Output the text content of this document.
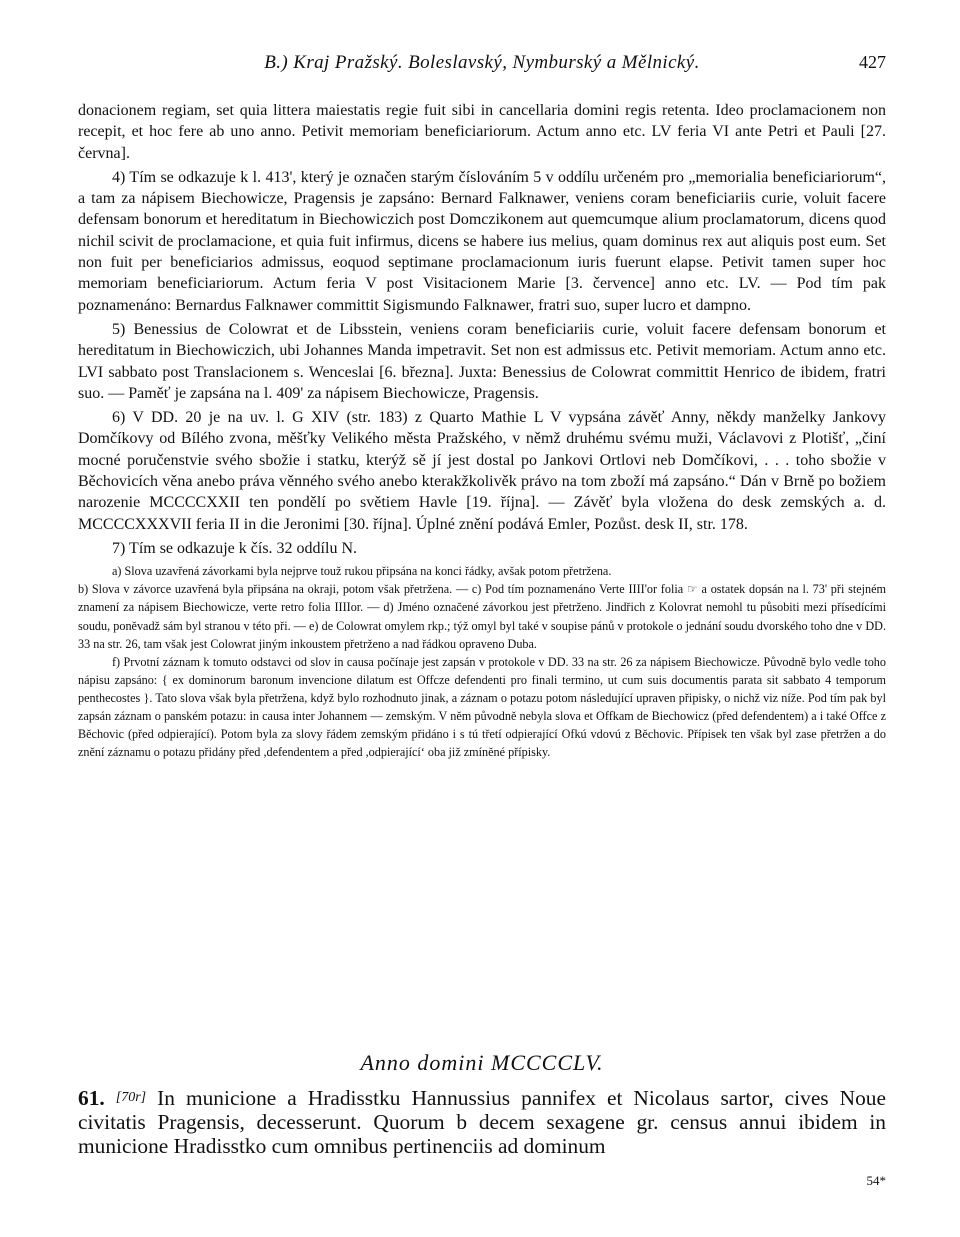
B.) Kraj Pražský. Boleslavský, Nymburský a Mělnický.	427

donacionem regiam, set quia littera maiestatis regie fuit sibi in cancellaria domini regis retenta. Ideo proclamacionem non recepit, et hoc fere ab uno anno. Petivit memoriam beneficiariorum. Actum anno etc. LV feria VI ante Petri et Pauli [27. června].

4) Tím se odkazuje k l. 413', který je označen starým číslováním 5 v oddílu určeném pro „memorialia beneficiariorum“, a tam za nápisem Biechowicze, Pragensis je zapsáno: Bernard Falknawer, veniens coram beneficiariis curie, voluit facere defensam bonorum et hereditatum in Biechowiczich post Domczikonem aut quemcumque alium proclamatorum, dicens quod nichil scivit de proclamacione, et quia fuit infirmus, dicens se habere ius melius, quam dominus rex aut aliquis post eum. Set non fuit per beneficiarios admissus, eoquod septimane proclamacionum iuris fuerunt elapse. Petivit tamen super hoc memoriam beneficiariorum. Actum feria V post Visitacionem Marie [3. července] anno etc. LV. — Pod tím pak poznamenáno: Bernardus Falknawer committit Sigismundo Falknawer, fratri suo, super lucro et dampno.

5) Benessius de Colowrat et de Libsstein, veniens coram beneficiariis curie, voluit facere defensam bonorum et hereditatum in Biechowiczich, ubi Johannes Manda impetravit. Set non est admissus etc. Petivit memoriam. Actum anno etc. LVI sabbato post Translacionem s. Wenceslai [6. března]. Juxta: Benessius de Colowrat committit Henrico de ibidem, fratri suo. — Paměť je zapsána na l. 409' za nápisem Biechowicze, Pragensis.

6) V DD. 20 je na uv. l. G XIV (str. 183) z Quarto Mathie L V vypsána závěť Anny, někdy manželky Jankovy Domčíkovy od Bílého zvona, měšťky Velikého města Pražského, v němž druhému svému muži, Václavovi z Plotišť, „činí mocné poručenstvie svého sbožie i statku, kterýž sě jí jest dostal po Jankovi Ortlovi neb Domčíkovi, . . . toho sbožie v Běchovicích věna anebo práva věnného svého anebo kterakžkolivěk právo na tom zboží má zapsáno.“ Dán v Brně po božiem narozenie MCCCCXXII ten pondělí po světiem Havle [19. října]. — Závěť byla vložena do desk zemských a. d. MCCCCXXXVII feria II in die Jeronimi [30. října]. Úplné znění podává Emler, Pozůst. desk II, str. 178.

7) Tím se odkazuje k čís. 32 oddílu N.

a) Slova uzavřená závorkami byla nejprve touž rukou připsána na konci řádky, avšak potom přetržena.

b) Slova v závorce uzavřená byla připsána na okraji, potom však přetržena. — c) Pod tím poznamenáno Verte IIII'or folia ☞ a ostatek dopsán na l. 73' při stejném znamení za nápisem Biechowicze, verte retro folia IIIIor. — d) Jméno označené závorkou jest přetrženo. Jindřich z Kolovrat nemohl tu působiti mezi přísedícími soudu, poněvadž sám byl stranou v této při. — e) de Colowrat omylem rkp.; týž omyl byl také v soupise pánů v protokole o jednání soudu dvorského toho dne v DD. 33 na str. 26, tam však jest Colowrat jiným inkoustem přetrženo a nad řádkou opraveno Duba.

f) Prvotní záznam k tomuto odstavci od slov in causa počínaje jest zapsán v protokole v DD. 33 na str. 26 za nápisem Biechowicze. Původně bylo vedle toho nápisu zapsáno: { ex dominorum baronum invencione dilatum est Offcze defendenti pro finali termino, ut cum suis documentis parata sit sabbato 4 temporum penthecostes }. Tato slova však byla přetržena, když bylo rozhodnuto jinak, a záznam o potazu potom následující upraven připisky, o nichž viz níže. Pod tím pak byl zapsán záznam o panském potazu: in causa inter Johannem — zemským. V něm původně nebyla slova et Offkam de Biechowicz (před defendentem) a i také Offce z Běchovic (před odpierající). Potom byla za slovy řádem zemským přidáno i s tú třetí odpierající Ofkú vdovú z Běchovic. Přípisek ten však byl zase přetržen a do znění záznamu o potazu přidány před ,defendentem a před ,odpierající‘ oba již zmíněné přípisky.

Anno domini MCCCCLV.
61. [70r] In municione a Hradisstku Hannussius pannifex et Nicolaus sartor, cives Noue civitatis Pragensis, decesserunt. Quorum b decem sexagene gr. census annui ibidem in municione Hradisstko cum omnibus pertinenciis ad dominum
54*
